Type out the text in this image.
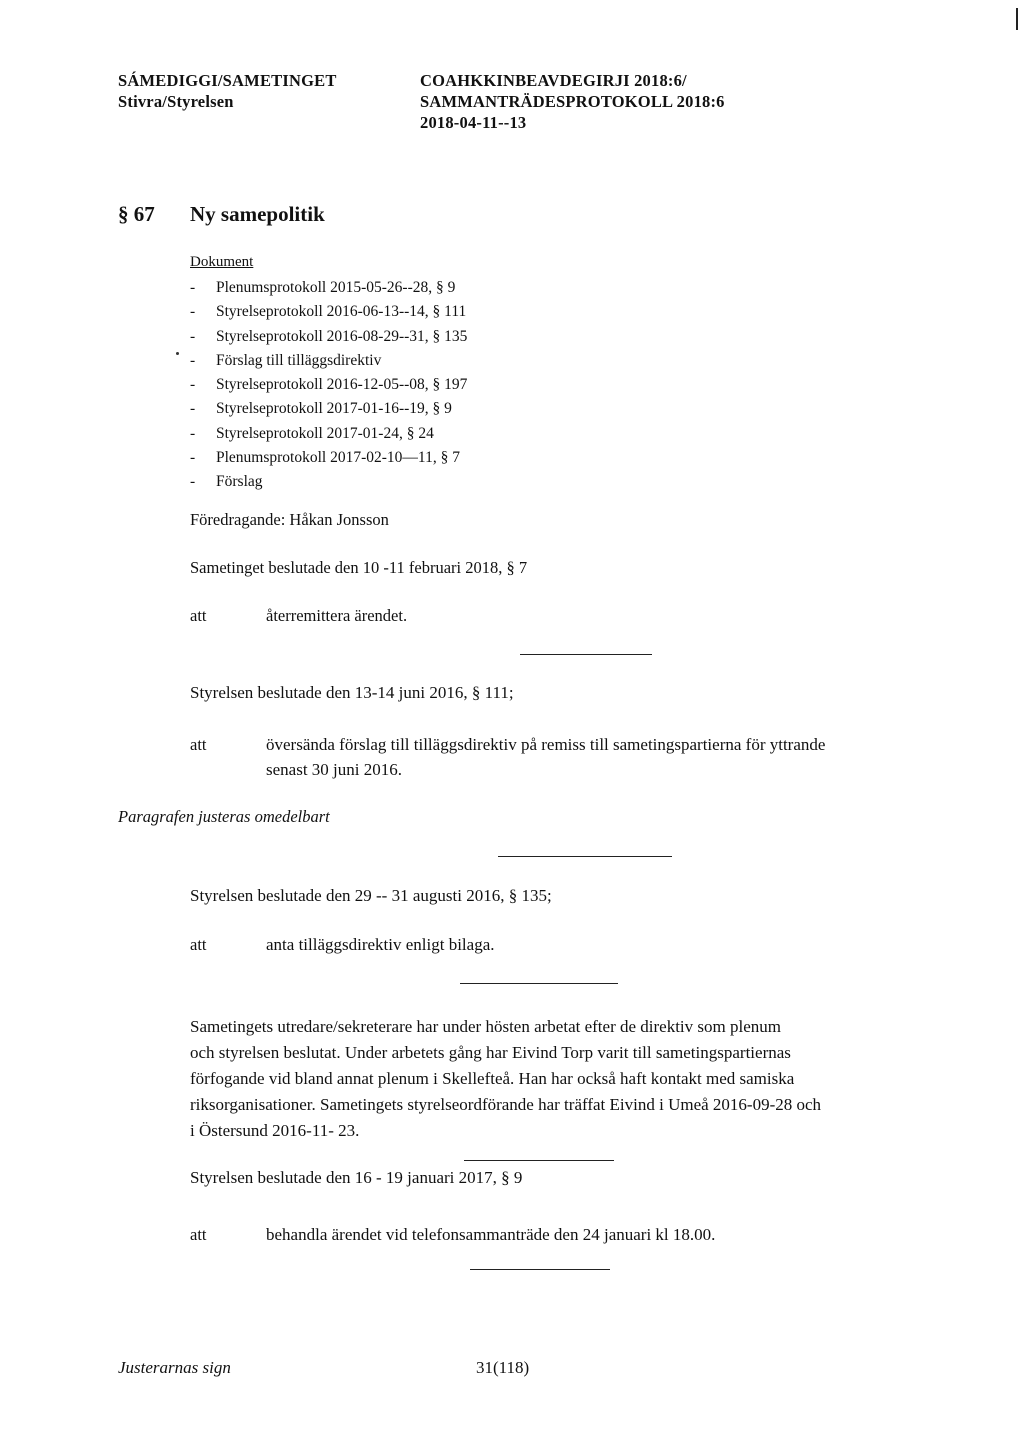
SÁMEDIGGI/SAMETINGET
Stivra/Styrelsen
COAHKKINBEAVDEGIRJI 2018:6/
SAMMANTRÄDESPROTOKOLL 2018:6
2018-04-11--13
§ 67 Ny samepolitik
Dokument
-	Plenumsprotokoll 2015-05-26--28, § 9
-	Styrelseprotokoll 2016-06-13--14, § 111
-	Styrelseprotokoll 2016-08-29--31, § 135
-	Förslag till tilläggsdirektiv
-	Styrelseprotokoll 2016-12-05--08, § 197
-	Styrelseprotokoll 2017-01-16--19, § 9
-	Styrelseprotokoll 2017-01-24, § 24
-	Plenumsprotokoll 2017-02-10—11, § 7
-	Förslag
Föredragande: Håkan Jonsson
Sametinget beslutade den 10 -11 februari 2018, § 7
att	återremittera ärendet.
Styrelsen beslutade den 13-14 juni 2016, § 111;
att	översända förslag till tilläggsdirektiv på remiss till sametingspartierna för yttrande
senast 30 juni 2016.
Paragrafen justeras omedelbart
Styrelsen beslutade den 29 -- 31 augusti 2016, § 135;
att	anta tilläggsdirektiv enligt bilaga.
Sametingets utredare/sekreterare har under hösten arbetat efter de direktiv som plenum
och styrelsen beslutat. Under arbetets gång har Eivind Torp varit till sametingspartiernas
förfogande vid bland annat plenum i Skellefteå. Han har också haft kontakt med samiska
riksorganisationer. Sametingets styrelseordförande har träffat Eivind i Umeå 2016-09-28 och
i Östersund 2016-11- 23.
Styrelsen beslutade den 16 - 19 januari 2017, § 9
att	behandla ärendet vid telefonsammanträde den 24 januari kl 18.00.
Justerarnas sign	31(118)
